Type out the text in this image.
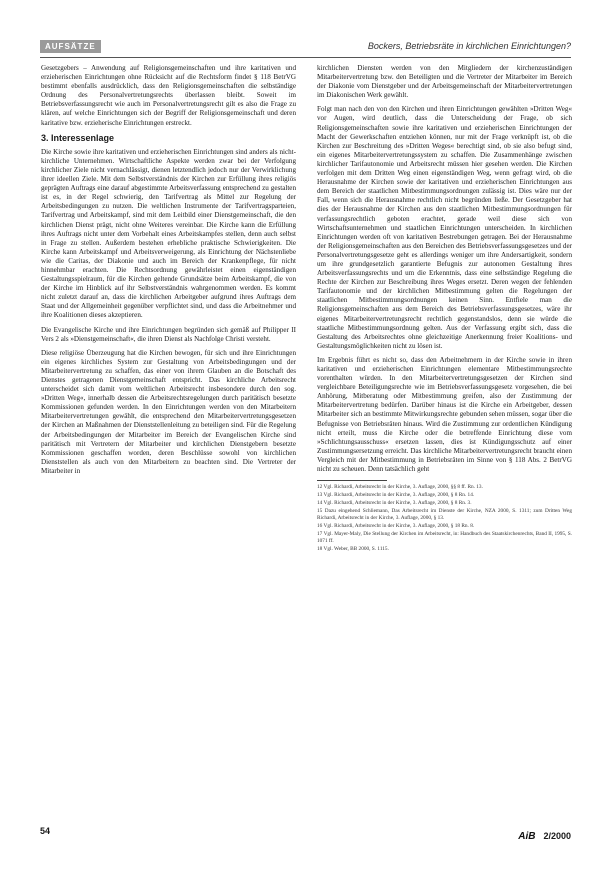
AUFSÄTZE	Bockers, Betriebsräte in kirchlichen Einrichtungen?

Gesetzgebers – Anwendung auf Religionsgemeinschaften und ihre karitativen und erzieherischen Einrichtungen ohne Rücksicht auf die Rechtsform findet § 118 BetrVG bestimmt ebenfalls ausdrücklich, dass den Religionsgemeinschaften die selbständige Ordnung des Personalvertretungsrechts überlassen bleibt. Soweit im Betriebsverfassungsrecht wie auch im Personalvertretungsrecht gilt es also die Frage zu klären, auf welche Einrichtungen sich der Begriff der Religionsgemeinschaft und deren karitative bzw. erzieherische Einrichtungen erstreckt.

3. Interessenlage

Die Kirche sowie ihre karitativen und erzieherischen Einrichtungen sind anders als nicht-kirchliche Unternehmen. Wirtschaftliche Aspekte werden zwar bei der Verfolgung kirchlicher Ziele nicht vernachlässigt, dienen letztendlich jedoch nur der Verwirklichung ihrer ideellen Ziele. Mit dem Selbstverständnis der Kirchen zur Erfüllung ihres religiös geprägten Auftrags eine darauf abgestimmte Arbeitsverfassung entsprechend zu gestalten ist es, in der Regel schwierig, den Tarifvertrag als Mittel zur Regelung der Arbeitsbedingungen zu nutzen. Die weltlichen Instrumente der Tarifvertragsparteien, Tarifvertrag und Arbeitskampf, sind mit dem Leitbild einer Dienstgemeinschaft, die den kirchlichen Dienst prägt, nicht ohne Weiteres vereinbar. Die Kirche kann die Erfüllung ihres Auftrags nicht unter dem Vorbehalt eines Arbeitskampfes stellen, denn auch selbst in Frage zu stellen. Außerdem bestehen erhebliche praktische Schwierigkeiten. Die Kirche kann Arbeitskampf und Arbeitsverweigerung, als Einrichtung der Nächstenliebe wie die Caritas, der Diakonie und auch im Bereich der Krankenpflege, für nicht hinnehmbar erachten. Die Rechtsordnung gewährleistet einen eigenständigen Gestaltungsspielraum, für die Kirchen geltende Grundsätze beim Arbeitskampf, die von der Kirche im Hinblick auf ihr Selbstverständnis wahrgenommen werden. Es kommt nicht zuletzt darauf an, dass die kirchlichen Arbeitgeber aufgrund ihres Auftrags dem Staat und der Allgemeinheit gegenüber verpflichtet sind, und dass die Arbeitnehmer und ihre Koalitionen dieses akzeptieren.

Die Evangelische Kirche und ihre Einrichtungen begründen sich gemäß auf Philipper II Vers 2 als »Dienstgemeinschaft«, die ihren Dienst als Nachfolge Christi versteht.

Diese religiöse Überzeugung hat die Kirchen bewogen, für sich und ihre Einrichtungen ein eigenes kirchliches System zur Gestaltung von Arbeitsbedingungen und der Mitarbeitervertretung zu schaffen, das einer von ihrem Glauben an die Botschaft des Dienstes getragenen Dienstgemeinschaft entspricht. Das kirchliche Arbeitsrecht unterscheidet sich damit vom weltlichen Arbeitsrecht insbesondere durch den sog. »Dritten Weg«, innerhalb dessen die Arbeitsrechtsregelungen durch paritätisch besetzte Kommissionen gefunden werden. In den Einrichtungen werden von den Mitarbeitern Mitarbeitervertretungen gewählt, die entsprechend den Mitarbeitervertretungsgesetzen der Kirchen an Maßnahmen der Dienststellenleitung zu beteiligen sind. Für die Regelung der Arbeitsbedingungen der Mitarbeiter im Bereich der Evangelischen Kirche sind paritätisch mit Vertretern der Mitarbeiter und kirchlichen Dienstgebern besetzte Kommissionen geschaffen worden, deren Beschlüsse sowohl von kirchlichen Dienststellen als auch von den Mitarbeitern zu beachten sind. Die Vertreter der Mitarbeiter in

kirchlichen Diensten werden von den Mitgliedern der kirchenzuständigen Mitarbeitervertretung bzw. den Beteiligten und die Vertreter der Mitarbeiter im Bereich der Diakonie vom Dienstgeber und der Arbeitsgemeinschaft der Mitarbeitervertretungen im Diakonischen Werk gewählt.

Folgt man nach den von den Kirchen und ihren Einrichtungen gewählten »Dritten Weg« vor Augen, wird deutlich, dass die Unterscheidung der Frage, ob sich Religionsgemeinschaften sowie ihre karitativen und erzieherischen Einrichtungen der Macht der Gewerkschaften entziehen können, nur mit der Frage verknüpft ist, ob die Kirchen zur Beschreitung des »Dritten Weges« berechtigt sind, ob sie also befugt sind, ein eigenes Mitarbeitervertretungssystem zu schaffen. Die Zusammenhänge zwischen kirchlicher Tarifautonomie und Arbeitsrecht müssen hier gesehen werden. Die Kirchen verfolgen mit dem Dritten Weg einen eigenständigen Weg, wenn gefragt wird, ob die Herausnahme der Kirchen sowie der karitativen und erzieherischen Einrichtungen aus dem Bereich der staatlichen Mitbestimmungsordnungen zulässig ist. Dies wäre nur der Fall, wenn sich die Herausnahme rechtlich nicht begründen ließe. Der Gesetzgeber hat dies der Herausnahme der Kirchen aus den staatlichen Mitbestimmungsordnungen für verfassungsrechtlich geboten erachtet, gerade weil diese sich von Wirtschaftsunternehmen und staatlichen Einrichtungen unterscheiden. In kirchlichen Einrichtungen werden oft von karitativen Bestrebungen getragen. Bei der Herausnahme der Religionsgemeinschaften aus den Bereichen des Betriebsverfassungsgesetzes und der Personalvertretungsgesetze geht es allerdings weniger um ihre Andersartigkeit, sondern um ihre grundgesetzlich garantierte Befugnis zur autonomen Gestaltung ihres Arbeitsverfassungsrechts und um die Erkenntnis, dass eine selbständige Regelung die Rechte der Kirchen zur Beschreibung ihres Weges ersetzt. Deren wegen der fehlenden Tarifautonomie und der kirchlichen Mitbestimmung gelten die Regelungen der staatlichen Mitbestimmungsordnungen keinen Sinn. Entfiele man die Religionsgemeinschaften aus dem Bereich des Betriebsverfassungsgesetzes, wäre ihr eigenes Mitarbeitervertretungsrecht rechtlich gegenstandslos, denn sie würde die staatliche Mitbestimmungsordnung gelten. Aus der Verfassung ergibt sich, dass die Gestaltung des Arbeitsrechtes ohne gleichzeitige Anerkennung freier Koalitions- und Gestaltungsmöglichkeiten nicht zu lösen ist.

Im Ergebnis führt es nicht so, dass den Arbeitnehmern in der Kirche sowie in ihren karitativen und erzieherischen Einrichtungen elementare Mitbestimmungsrechte vorenthalten würden. In den Mitarbeitervertretungsgesetzen der Kirchen sind vergleichbare Beteiligungsrechte wie im Betriebsverfassungsgesetz vorgesehen, die bei Anhörung, Mitberatung oder Mitbestimmung greifen, also der Zustimmung der Mitarbeitervertretung bedürfen. Darüber hinaus ist die Kirche ein Arbeitgeber, dessen Mitarbeiter sich an bestimmte Mitwirkungsrechte gebunden sehen müssen, sogar über die Befugnisse von Betriebsräten hinaus. Wird die Zustimmung zur ordentlichen Kündigung nicht erteilt, muss die Kirche oder die betreffende Einrichtung diese vom »Schlichtungsausschuss« ersetzen lassen, dies ist Kündigungsschutz auf einer Zustimmungsersetzung erreicht. Das kirchliche Mitarbeitervertretungsrecht braucht einen Vergleich mit der Mitbestimmung in Betriebsräten im Sinne von § 118 Abs. 2 BetrVG nicht zu scheuen. Denn tatsächlich geht

12 Vgl. Richardi, Arbeitsrecht in der Kirche, 3. Auflage, 2000, §§ 8 ff. Rn. 13.
13 Vgl. Richardi, Arbeitsrecht in der Kirche, 3. Auflage, 2000, § 8 Rn. 14.
14 Vgl. Richardi, Arbeitsrecht in der Kirche, 3. Auflage, 2000, § 8 Rn. 3.
15 Dazu eingehend Schliemann, Das Arbeitsrecht im Dienste der Kirche, NZA 2000, S. 1311; zum Dritten Weg Richardi, Arbeitsrecht in der Kirche, 3. Auflage, 2000, § 13.
16 Vgl. Richardi, Arbeitsrecht in der Kirche, 3. Auflage, 2000, § 18 Rn. 8.
17 Vgl. Mayer-Maly, Die Stellung der Kirchen im Arbeitsrecht, in: Handbuch des Staatskirchenrechts, Band II, 1995, S. 1071 ff.
18 Vgl. Weber, BB 2000, S. 1115.
54	AiB 2/2000
